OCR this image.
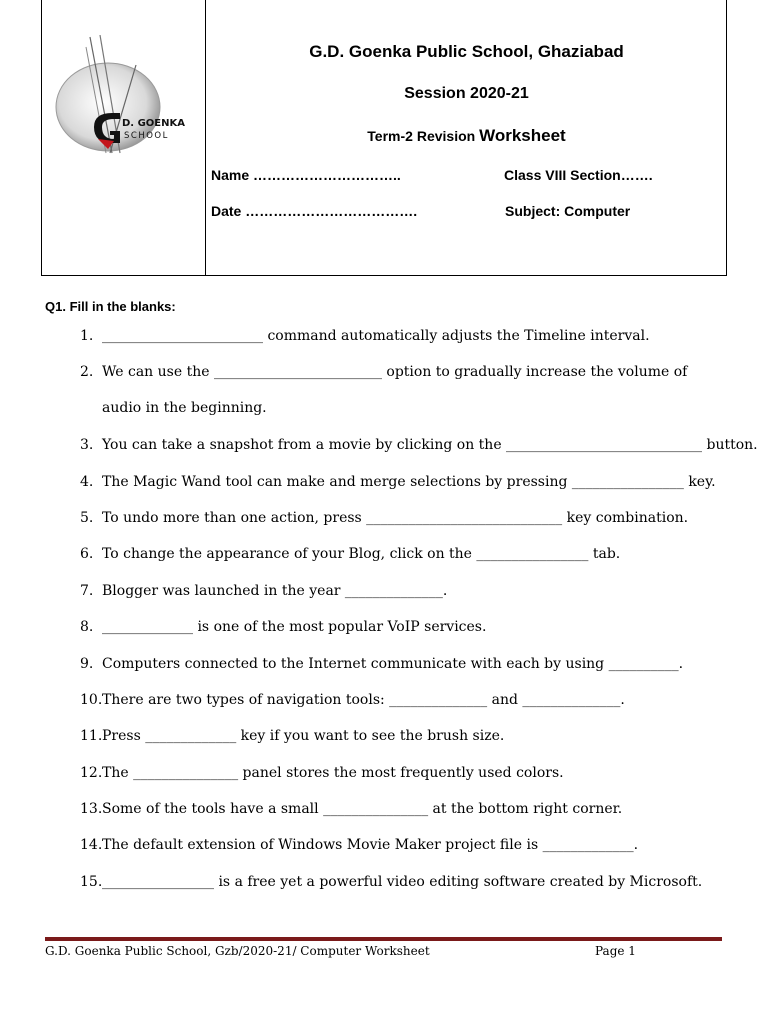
D. GOENKA
SCHOOL
G.D. Goenka Public School, Ghaziabad
Session 2020-21
Term-2 Revision Worksheet
Name …………………………..	Class VIII Section…….
Date ……………………………….	Subject: Computer
Q1. Fill in the blanks:
1. _______________________ command automatically adjusts the Timeline interval.
2. We can use the ________________________ option to gradually increase the volume of audio in the beginning.
3. You can take a snapshot from a movie by clicking on the ____________________________ button.
4. The Magic Wand tool can make and merge selections by pressing ________________ key.
5. To undo more than one action, press ____________________________ key combination.
6. To change the appearance of your Blog, click on the ________________ tab.
7. Blogger was launched in the year ______________.
8. _____________ is one of the most popular VoIP services.
9. Computers connected to the Internet communicate with each by using __________.
10. There are two types of navigation tools: ______________ and ______________.
11. Press _____________ key if you want to see the brush size.
12. The _______________ panel stores the most frequently used colors.
13. Some of the tools have a small _______________ at the bottom right corner.
14. The default extension of Windows Movie Maker project file is _____________.
15. ________________ is a free yet a powerful video editing software created by Microsoft.
G.D. Goenka Public School, Gzb/2020-21/ Computer Worksheet	Page 1
